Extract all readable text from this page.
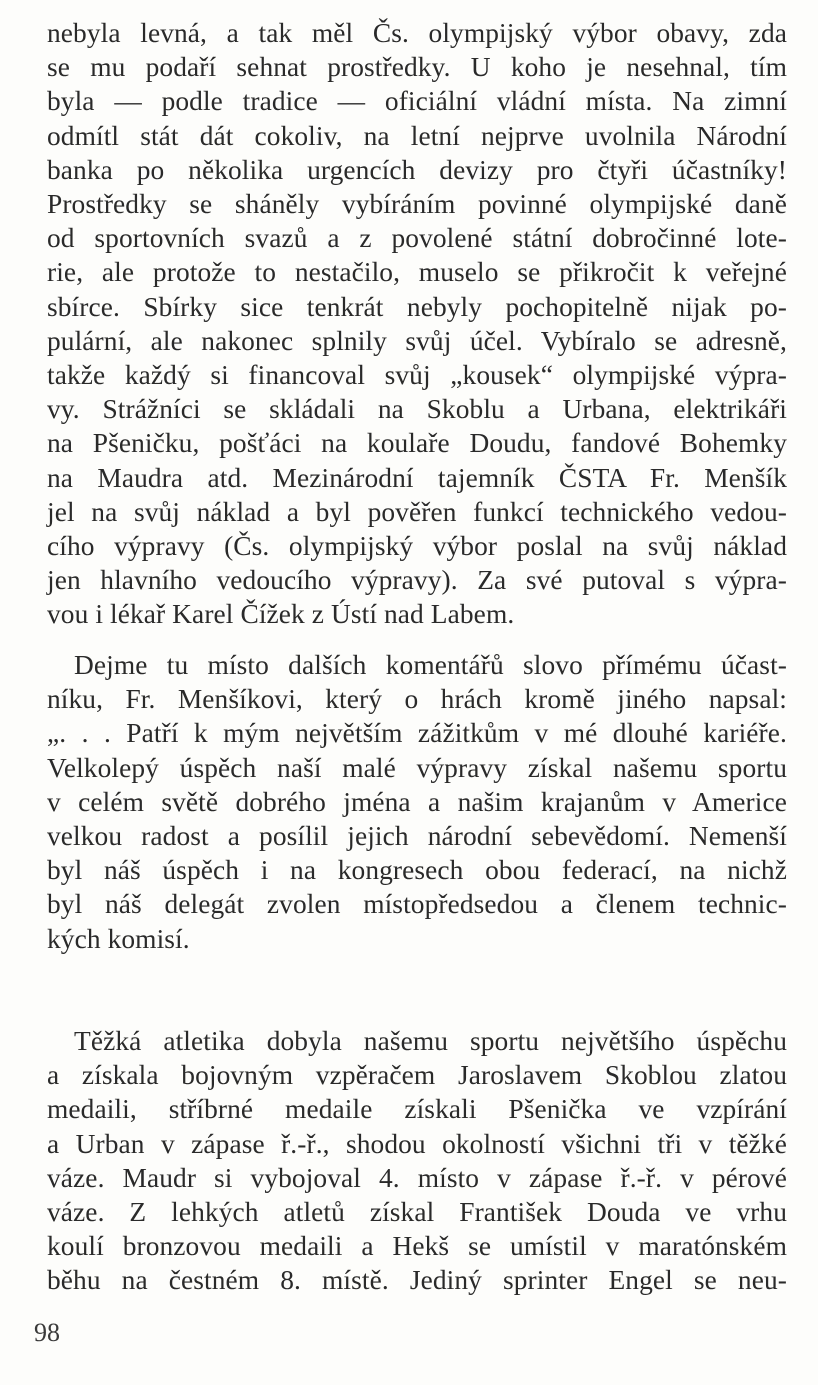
nebyla levná, a tak měl Čs. olympijský výbor obavy, zda
se mu podaří sehnat prostředky. U koho je nesehnal, tím
byla — podle tradice — oficiální vládní místa. Na zimní
odmítl stát dát cokoliv, na letní nejprve uvolnila Národní
banka po několika urgencích devizy pro čtyři účastníky!
Prostředky se sháněly vybíráním povinné olympijské daně
od sportovních svazů a z povolené státní dobročinné lote-
rie, ale protože to nestačilo, muselo se přikročit k veřejné
sbírce. Sbírky sice tenkrát nebyly pochopitelně nijak po-
pulární, ale nakonec splnily svůj účel. Vybíralo se adresně,
takže každý si financoval svůj „kousek“ olympijské výpra-
vy. Strážníci se skládali na Skoblu a Urbana, elektrikáři
na Pšeničku, pošťáci na koulaře Doudu, fandové Bohemky
na Maudra atd. Mezinárodní tajemník ČSTA Fr. Menšík
jel na svůj náklad a byl pověřen funkcí technického vedou-
cího výpravy (Čs. olympijský výbor poslal na svůj náklad
jen hlavního vedoucího výpravy). Za své putoval s výpra-
vou i lékař Karel Čížek z Ústí nad Labem.
Dejme tu místo dalších komentářů slovo přímému účast-
níku, Fr. Menšíkovi, který o hrách kromě jiného napsal:
„. . . Patří k mým největším zážitkům v mé dlouhé kariéře.
Velkolepý úspěch naší malé výpravy získal našemu sportu
v celém světě dobrého jména a našim krajanům v Americe
velkou radost a posílil jejich národní sebevědomí. Nemenší
byl náš úspěch i na kongresech obou federací, na nichž
byl náš delegát zvolen místopředsedou a členem technic-
kých komisí.
Těžká atletika dobyla našemu sportu největšího úspěchu
a získala bojovným vzpěračem Jaroslavem Skoblou zlatou
medaili, stříbrné medaile získali Pšenička ve vzpírání
a Urban v zápase ř.-ř., shodou okolností všichni tři v těžké
váze. Maudr si vybojoval 4. místo v zápase ř.-ř. v pérové
váze. Z lehkých atletů získal František Douda ve vrhu
koulí bronzovou medaili a Hekš se umístil v maratónském
běhu na čestném 8. místě. Jediný sprinter Engel se neu-
98
